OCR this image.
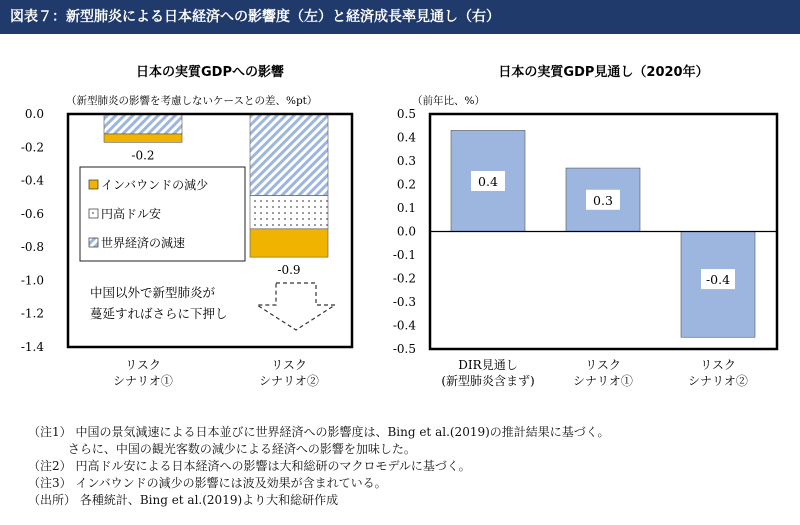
図表７：新型肺炎による日本経済への影響度（左）と経済成長率見通し（右）
日本の実質GDPへの影響
（新型肺炎の影響を考慮しないケースとの差、%pt）
-0.2
リスク
シナリオ①
-0.9
リスク
シナリオ②
0.0
-0.2
-0.4
-0.6
-0.8
-1.0
-1.2
-1.4
インバウンドの減少
円高ドル安
世界経済の減速
中国以外で新型肺炎が
蔓延すればさらに下押し
日本の実質GDP見通し（2020年）
（前年比、%）
0.4
DIR見通し
(新型肺炎含まず)
0.3
リスク
シナリオ①
-0.4
リスク
シナリオ②
0.5
0.4
0.3
0.2
0.1
0.0
-0.1
-0.2
-0.3
-0.4
-0.5
（注1） 中国の景気減速による日本並びに世界経済への影響度は、Bing et al.(2019)の推計結果に基づく。
　　　 さらに、中国の観光客数の減少による経済への影響を加味した。
（注2） 円高ドル安による日本経済への影響は大和総研のマクロモデルに基づく。
（注3） インバウンドの減少の影響には波及効果が含まれている。
（出所） 各種統計、Bing et al.(2019)より大和総研作成
